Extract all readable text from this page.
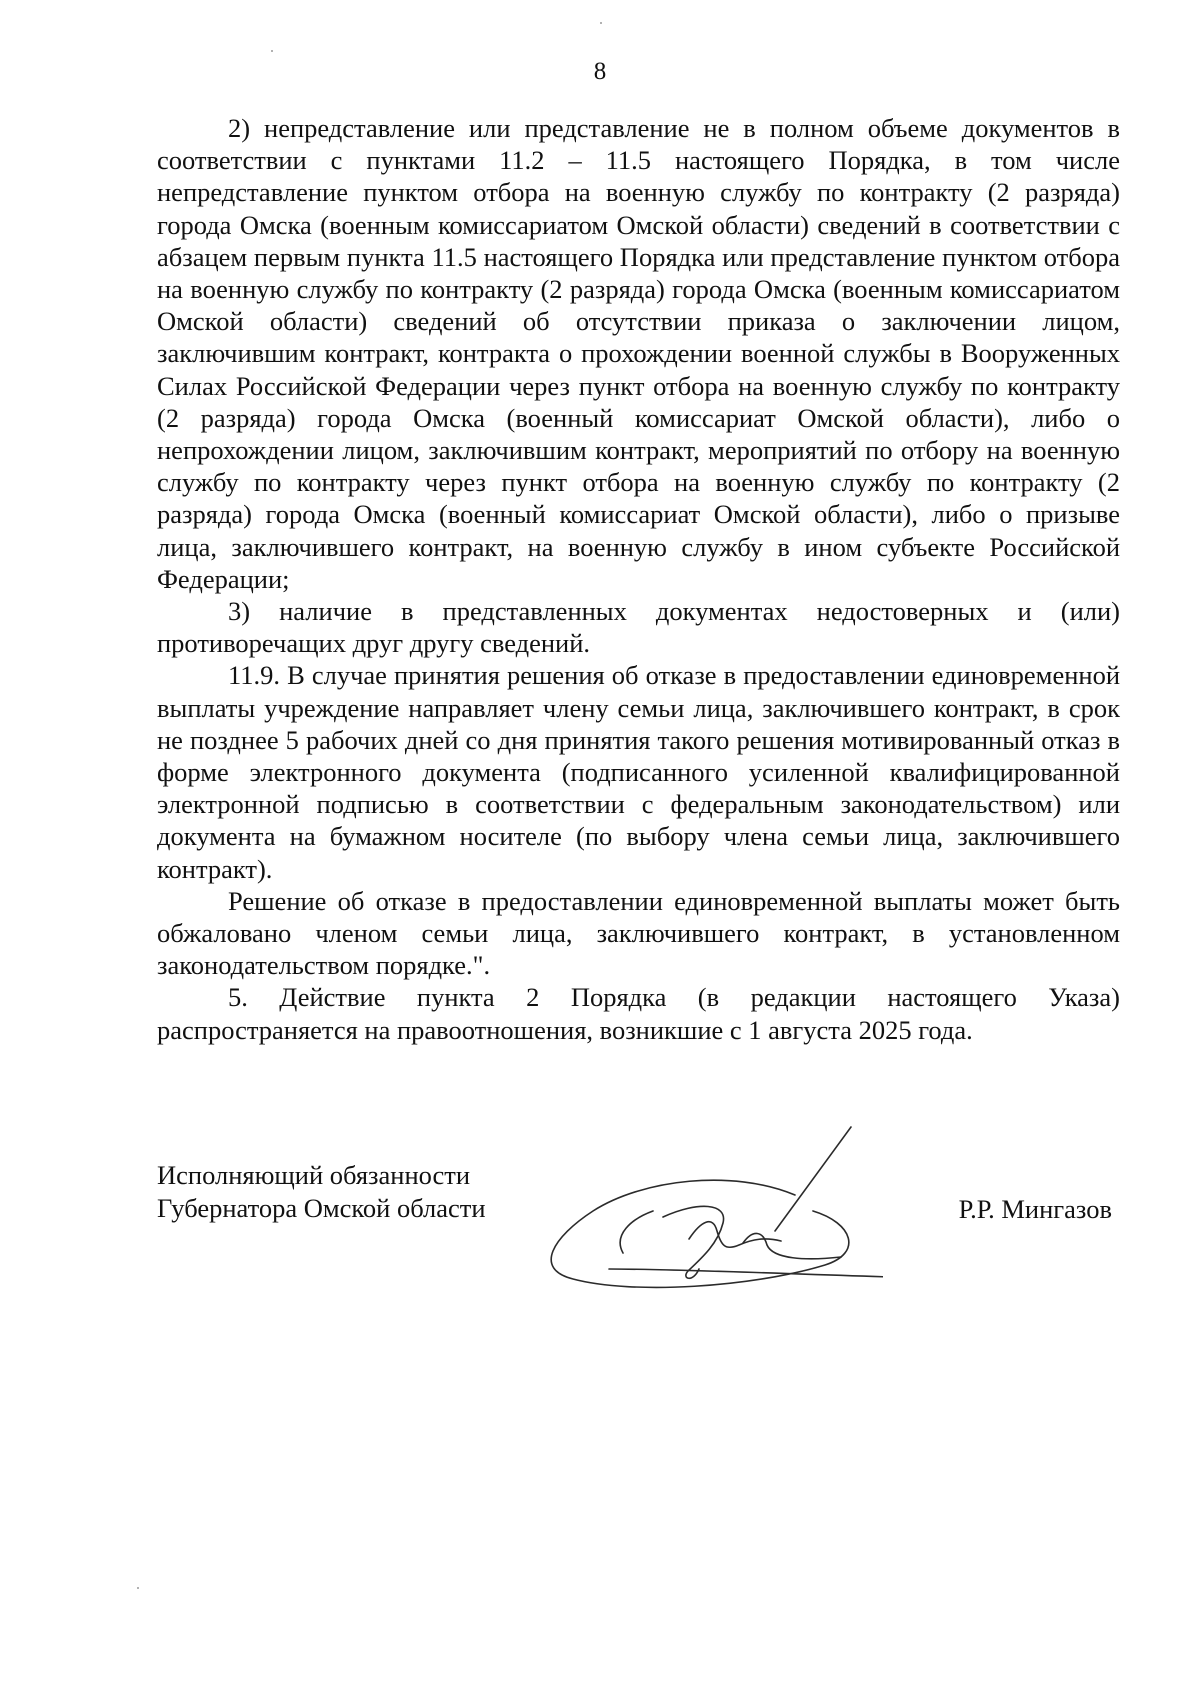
8

2) непредставление или представление не в полном объеме документов в соответствии с пунктами 11.2 – 11.5 настоящего Порядка, в том числе непредставление пунктом отбора на военную службу по контракту (2 разряда) города Омска (военным комиссариатом Омской области) сведений в соответствии с абзацем первым пункта 11.5 настоящего Порядка или представление пунктом отбора на военную службу по контракту (2 разряда) города Омска (военным комиссариатом Омской области) сведений об отсутствии приказа о заключении лицом, заключившим контракт, контракта о прохождении военной службы в Вооруженных Силах Российской Федерации через пункт отбора на военную службу по контракту (2 разряда) города Омска (военный комиссариат Омской области), либо о непрохождении лицом, заключившим контракт, мероприятий по отбору на военную службу по контракту через пункт отбора на военную службу по контракту (2 разряда) города Омска (военный комиссариат Омской области), либо о призыве лица, заключившего контракт, на военную службу в ином субъекте Российской Федерации;

3) наличие в представленных документах недостоверных и (или) противоречащих друг другу сведений.

11.9. В случае принятия решения об отказе в предоставлении единовременной выплаты учреждение направляет члену семьи лица, заключившего контракт, в срок не позднее 5 рабочих дней со дня принятия такого решения мотивированный отказ в форме электронного документа (подписанного усиленной квалифицированной электронной подписью в соответствии с федеральным законодательством) или документа на бумажном носителе (по выбору члена семьи лица, заключившего контракт).

Решение об отказе в предоставлении единовременной выплаты может быть обжаловано членом семьи лица, заключившего контракт, в установленном законодательством порядке.".

5. Действие пункта 2 Порядка (в редакции настоящего Указа) распространяется на правоотношения, возникшие с 1 августа 2025 года.

Исполняющий обязанности
Губернатора Омской области	Р.Р. Мингазов
